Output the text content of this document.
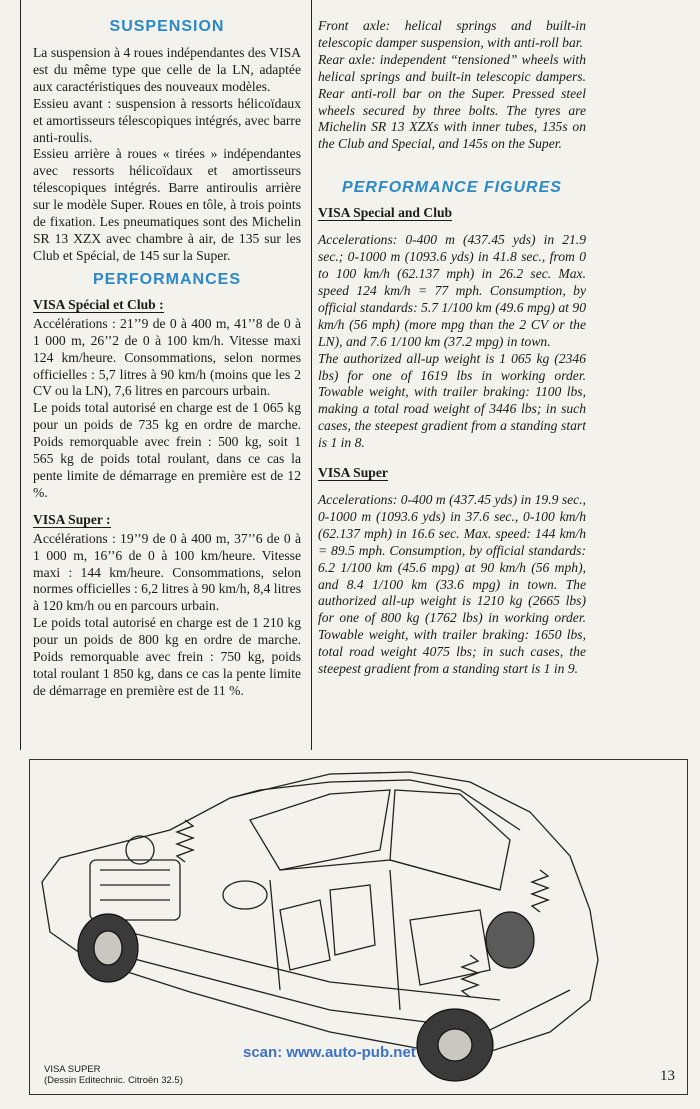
SUSPENSION

La suspension à 4 roues indépendantes des VISA est du même type que celle de la LN, adaptée aux caractéristiques des nouveaux modèles.

Essieu avant : suspension à ressorts hélicoïdaux et amortisseurs télescopiques intégrés, avec barre anti-roulis.

Essieu arrière à roues « tirées » indépendantes avec ressorts hélicoïdaux et amortisseurs télescopiques intégrés. Barre antiroulis arrière sur le modèle Super. Roues en tôle, à trois points de fixation. Les pneumatiques sont des Michelin SR 13 XZX avec chambre à air, de 135 sur les Club et Spécial, de 145 sur la Super.

PERFORMANCES
VISA Spécial et Club :

Accélérations : 21’’9 de 0 à 400 m, 41’’8 de 0 à 1 000 m, 26’’2 de 0 à 100 km/h. Vitesse maxi 124 km/heure. Consommations, selon normes officielles : 5,7 litres à 90 km/h (moins que les 2 CV ou la LN), 7,6 litres en parcours urbain.

Le poids total autorisé en charge est de 1 065 kg pour un poids de 735 kg en ordre de marche. Poids remorquable avec frein : 500 kg, soit 1 565 kg de poids total roulant, dans ce cas la pente limite de démarrage en première est de 12 %.

VISA Super :

Accélérations : 19’’9 de 0 à 400 m, 37’’6 de 0 à 1 000 m, 16’’6 de 0 à 100 km/heure. Vitesse maxi : 144 km/heure. Consommations, selon normes officielles : 6,2 litres à 90 km/h, 8,4 litres à 120 km/h ou en parcours urbain.

Le poids total autorisé en charge est de 1 210 kg pour un poids de 800 kg en ordre de marche. Poids remorquable avec frein : 750 kg, poids total roulant 1 850 kg, dans ce cas la pente limite de démarrage en première est de 11 %.

Front axle: helical springs and built-in telescopic damper suspension, with anti-roll bar.

Rear axle: independent “tensioned” wheels with helical springs and built-in telescopic dampers. Rear anti-roll bar on the Super. Pressed steel wheels secured by three bolts. The tyres are Michelin SR 13 XZXs with inner tubes, 135s on the Club and Special, and 145s on the Super.

PERFORMANCE FIGURES
VISA Special and Club

Accelerations: 0-400 m (437.45 yds) in 21.9 sec.; 0-1000 m (1093.6 yds) in 41.8 sec., from 0 to 100 km/h (62.137 mph) in 26.2 sec. Max. speed 124 km/h = 77 mph. Consumption, by official standards: 5.7 1/100 km (49.6 mpg) at 90 km/h (56 mph) (more mpg than the 2 CV or the LN), and 7.6 1/100 km (37.2 mpg) in town.

The authorized all-up weight is 1 065 kg (2346 lbs) for one of 1619 lbs in working order. Towable weight, with trailer braking: 1100 lbs, making a total road weight of 3446 lbs; in such cases, the steepest gradient from a standing start is 1 in 8.

VISA Super

Accelerations: 0-400 m (437.45 yds) in 19.9 sec., 0-1000 m (1093.6 yds) in 37.6 sec., 0-100 km/h (62.137 mph) in 16.6 sec. Max. speed: 144 km/h = 89.5 mph. Consumption, by official standards: 6.2 1/100 km (45.6 mpg) at 90 km/h (56 mph), and 8.4 1/100 km (33.6 mpg) in town. The authorized all-up weight is 1210 kg (2665 lbs) for one of 800 kg (1762 lbs) in working order. Towable weight, with trailer braking: 1650 lbs, total road weight 4075 lbs; in such cases, the steepest gradient from a standing start is 1 in 9.

VISA SUPER
(Dessin Editechnic. Citroën 32.5)
scan: www.auto-pub.net
13
